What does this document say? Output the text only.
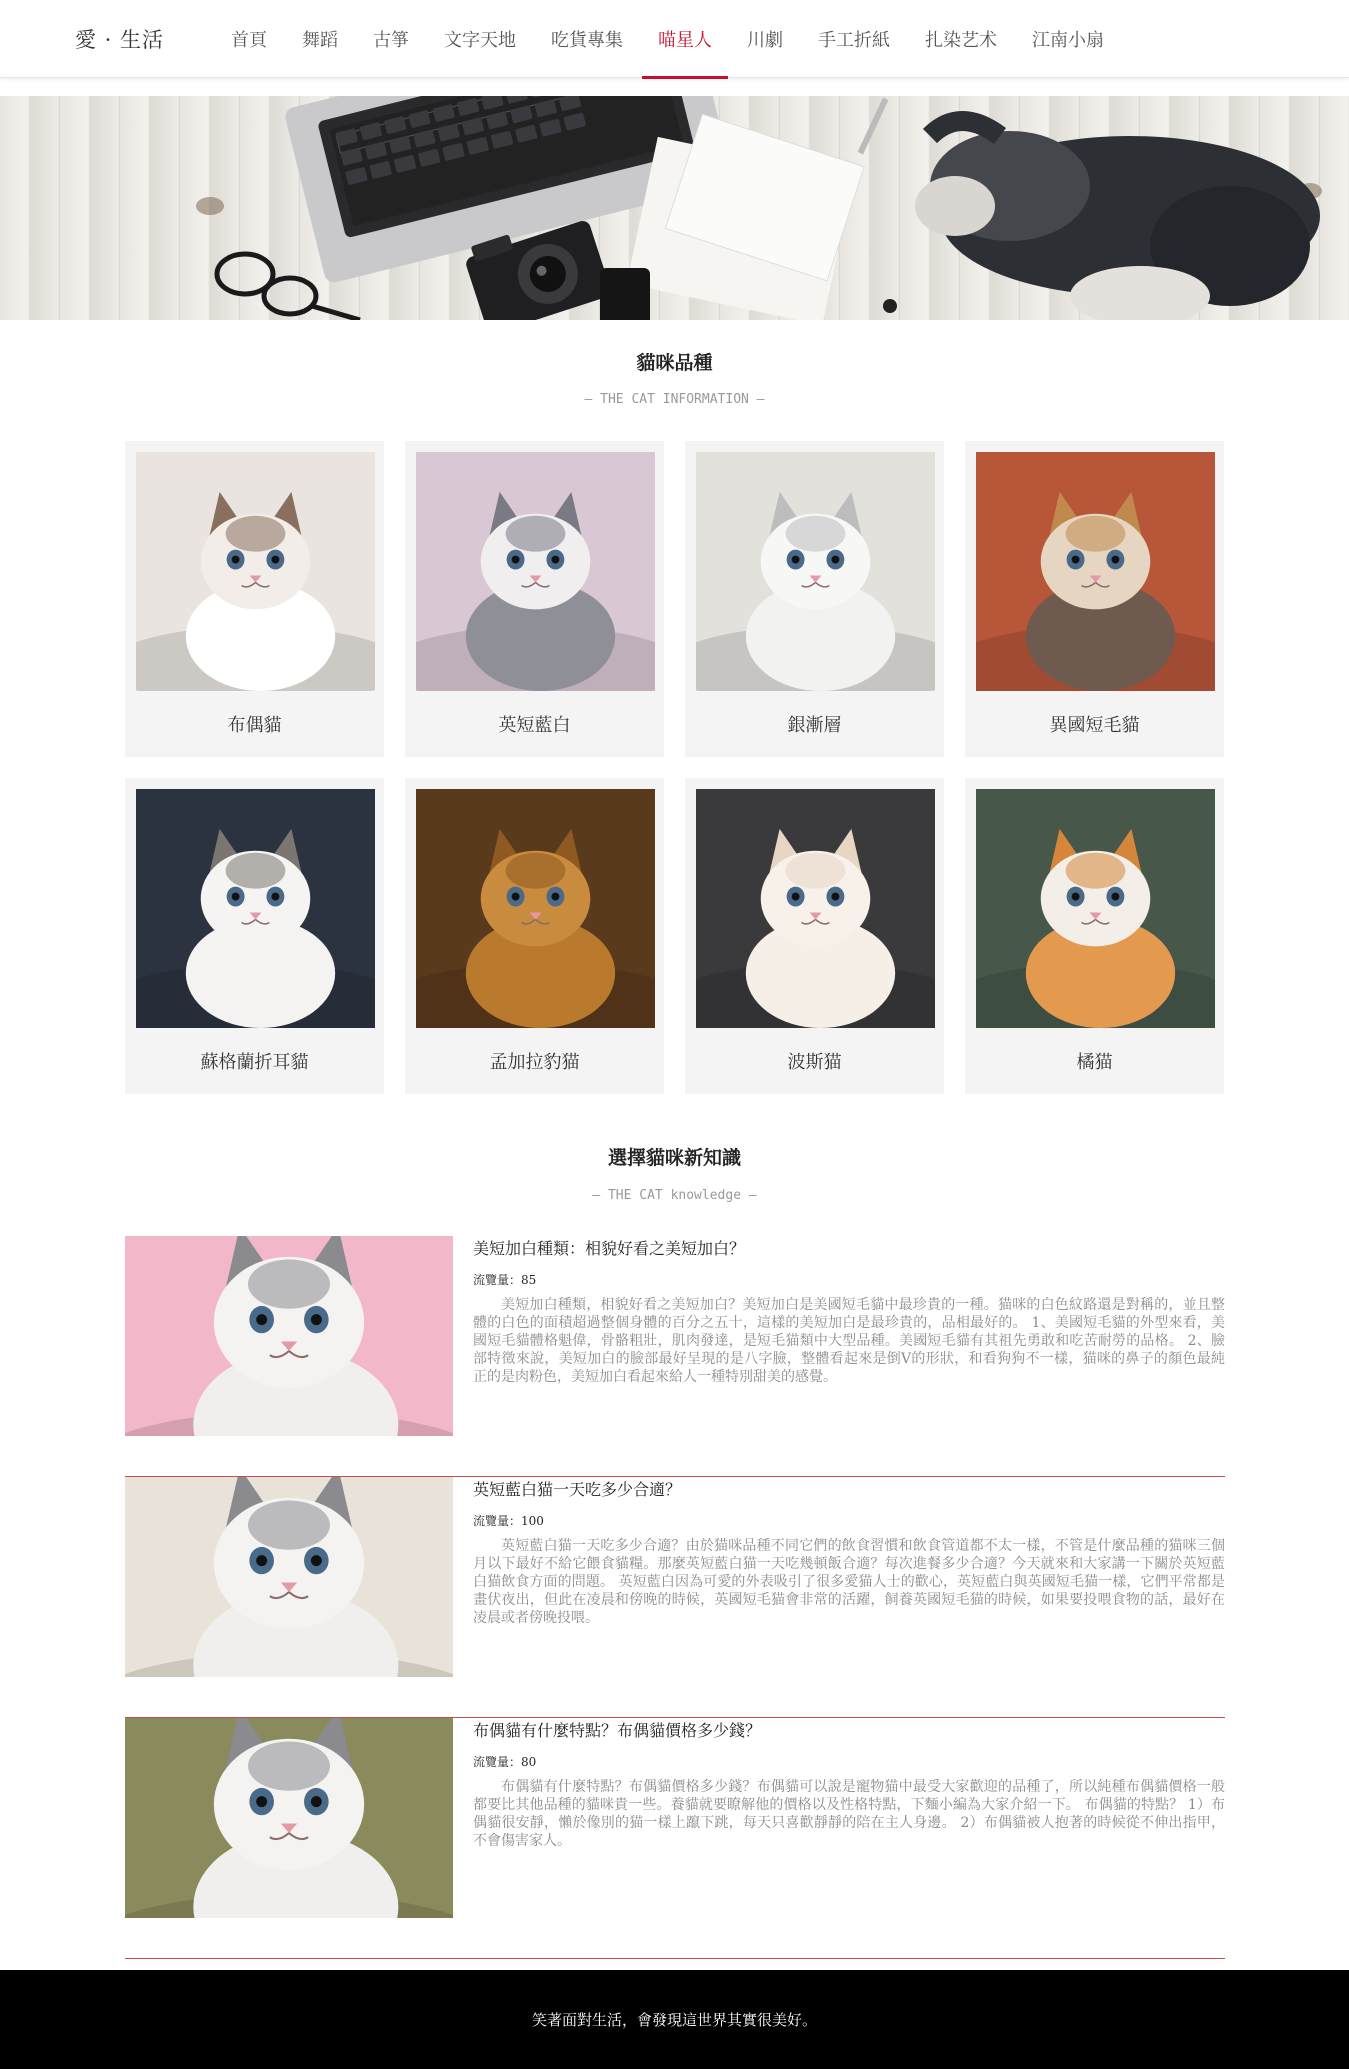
愛 · 生活	首頁	舞蹈	古箏	文字天地	吃貨專集	喵星人	川劇	手工折紙	扎染艺术	江南小扇
貓咪品種
— THE CAT INFORMATION —
布偶貓	英短藍白	銀漸層	異國短毛貓
蘇格蘭折耳貓	孟加拉豹猫	波斯猫	橘猫
選擇貓咪新知識
— THE CAT knowledge —
美短加白種類：相貌好看之美短加白？
流覽量：85
美短加白種類，相貌好看之美短加白？美短加白是美國短毛貓中最珍貴的一種。猫咪的白色紋路還是對稱的，並且整體的白色的面積超過整個身體的百分之五十，這樣的美短加白是最珍貴的，品相最好的。 1、美國短毛貓的外型來看，美國短毛貓體格魁偉，骨骼粗壯，肌肉發達，是短毛猫類中大型品種。美國短毛貓有其祖先勇敢和吃苦耐勞的品格。 2、臉部特徵來說，美短加白的臉部最好呈現的是八字臉，整體看起來是倒V的形狀，和看狗狗不一樣，猫咪的鼻子的顏色最純正的是肉粉色，美短加白看起來給人一種特別甜美的感覺。
英短藍白猫一天吃多少合適？
流覽量：100
英短藍白猫一天吃多少合適？由於猫咪品種不同它們的飲食習慣和飲食管道都不太一樣，不管是什麼品種的猫咪三個月以下最好不給它餵食貓糧。那麼英短藍白猫一天吃幾頓飯合適？每次進餐多少合適？今天就來和大家講一下關於英短藍白猫飲食方面的問題。 英短藍白因為可愛的外表吸引了很多愛猫人士的歡心，英短藍白與英國短毛猫一樣，它們平常都是畫伏夜出，但此在凌晨和傍晚的時候，英國短毛猫會非常的活躍，飼養英國短毛猫的時候，如果要投喂食物的話，最好在凌晨或者傍晚投喂。
布偶貓有什麼特點？布偶貓價格多少錢？
流覽量：80
布偶貓有什麼特點？布偶貓價格多少錢？布偶貓可以說是寵物猫中最受大家歡迎的品種了，所以純種布偶貓價格一般都要比其他品種的貓咪貴一些。養貓就要瞭解他的價格以及性格特點，下麵小編為大家介紹一下。 布偶貓的特點？ 1）布偶貓很安靜，懶於像別的猫一樣上躥下跳，每天只喜歡靜靜的陪在主人身邊。 2）布偶貓被人抱著的時候從不伸出指甲，不會傷害家人。
笑著面對生活，會發現這世界其實很美好。
